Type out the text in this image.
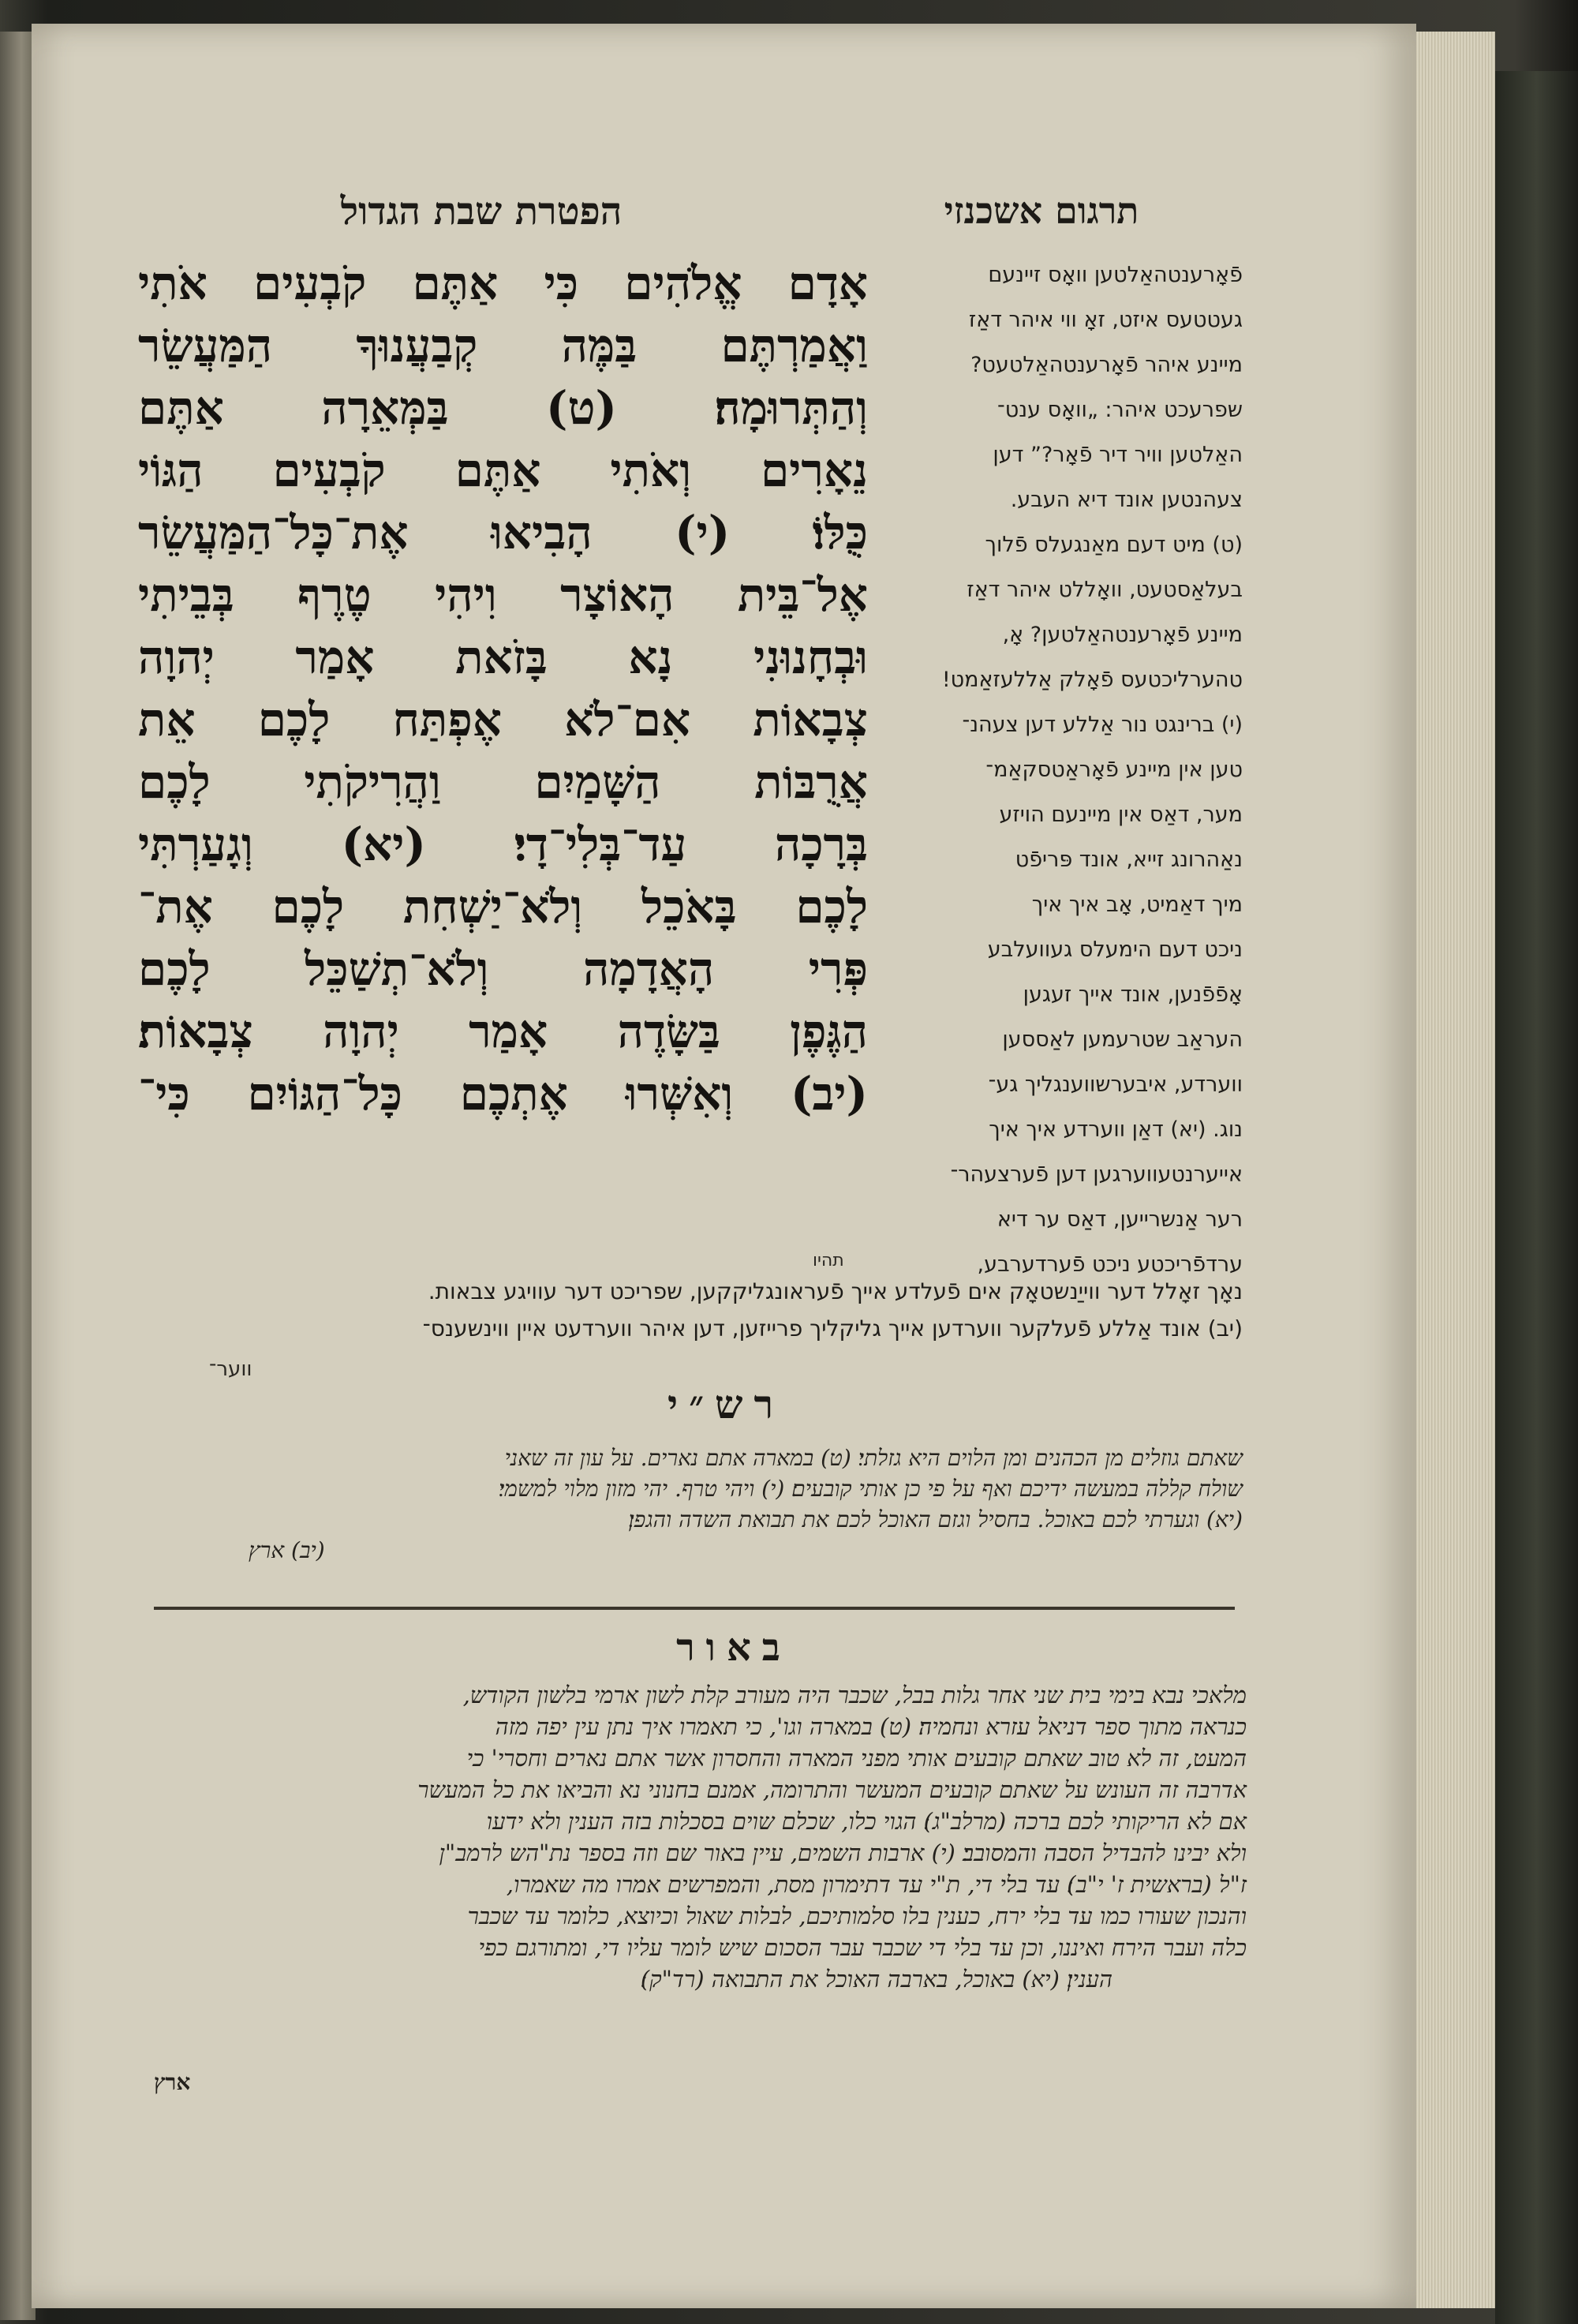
הפטרת שבת הגדול	תרגום אשכנזי
אָדָם אֱלֹהִים כִּי אַתֶּם קֹבְעִים אֹתִי
וַאֲמַרְתֶּם בַּמֶּה קְבַעֲנוּךָ הַמַּעֲשֵׂר
וְהַתְּרוּמָה׃ (ט) בַּמְּאֵרָה אַתֶּם
נֵאָרִים וְאֹתִי אַתֶּם קֹבְעִים הַגּוֹי
כֻּלּוֹ׃ (י) הָבִיאוּ אֶת־כָּל־הַמַּעֲשֵׂר
אֶל־בֵּית הָאוֹצָר וִיהִי טֶרֶף בְּבֵיתִי
וּבְחָנוּנִי נָא בָּזֹאת אָמַר יְהוָה
צְבָאוֹת אִם־לֹא אֶפְתַּח לָכֶם אֵת
אֲרֻבּוֹת הַשָּׁמַיִם וַהֲרִיקֹתִי לָכֶם
בְּרָכָה עַד־בְּלִי־דָי׃ (יא) וְגָעַרְתִּי
לָכֶם בָּאֹכֵל וְלֹא־יַשְׁחִת לָכֶם אֶת־
פְּרִי הָאֲדָמָה וְלֹא־תְשַׁכֵּל לָכֶם
הַגֶּפֶן בַּשָּׂדֶה אָמַר יְהוָה צְבָאוֹת׃
(יב) וְאִשְּׁרוּ אֶתְכֶם כָּל־הַגּוֹיִם כִּי־
פֿאָרענטהאַלטען וואָס זיינעם
געטטעס איזט, זאָ ווי איהר דאַז
מיינע איהר פֿאָרענטהאַלטעט?
שפרעכט איהר: „וואָס ענט־
האַלטען וויר דיר פֿאָר?” דען
צעהנטען אונד דיא העבע.
(ט) מיט דעם מאַנגעלס פֿלוך
בעלאַסטעט, וואָללט איהר דאַז
מיינע פֿאָרענטהאַלטען? אָ,
טהערליכטעס פֿאָלק אַללעזאַמט!
(י) ברינגט נור אַללע דען צעהנ־
טען אין מיינע פֿאָראַטסקאַמ־
מער, דאַס אין מיינעם הויזע
נאַהרונג זייא, אונד פּריפֿט
מיך דאַמיט, אָב איך איך
ניכט דעם הימעלס געוועלבע
אָפֿפֿנען, אונד אייך זעגען
העראַב שטרעמען לאַססען
ווערדע, איבערשווענגליך גע־
נוג. (יא) דאַן ווערדע איך איך
אייערנטעווערגען דען פֿערצעהר־
רער אַנשרייען, דאַס ער דיא
ערדפֿריכטע ניכט פֿערדערבע,
תהיו
נאָך זאָלל דער ווייַנשטאָק אים פֿעלדע אייך פֿעראונגליקקען, שפריכט דער עוויגע צבאות.
(יב) אונד אַללע פֿעלקער ווערדען אייך גליקליך פרייזען, דען איהר ווערדעט איין ווינשענס־
ווער־
רש״י
שאתם גוזלים מן הכהנים ומן הלוים היא גזלתי׃ (ט) במארה אתם נארים. על עון זה שאני
שולח קללה במעשה ידיכם ואף על פי כן אותי קובעים׃ (י) ויהי טרף. יהי מזון מלוי למשמי׃
(יא) וגערתי לכם באוכל. בחסיל וגזם האוכל לכם את תבואת השדה והגפן׃
(יב) ארץ
באור
מלאכי נבא בימי בית שני אחר גלות בבל, שכבר היה מעורב קלת לשון ארמי בלשון הקודש,
כנראה מתוך ספר דניאל עזרא ונחמיה׃ (ט) במארה וגו', כי תאמרו איך נתן עין יפה מזה
המעט, זה לא טוב שאתם קובעים אותי מפני המארה והחסרון אשר אתם נארים וחסרי' כי
אדרבה זה העונש על שאתם קובעים המעשר והתרומה, אמנם בחנוני נא והביאו את כל המעשר
אם לא הריקותי לכם ברכה (מרלב"ג)׃ הגוי כלו, שכלם שוים בסכלות בזה הענין ולא ידעו
ולא יבינו להבדיל הסבה והמסובב׃ (י) ארבות השמים, עיין באור שם וזה בספר נת"הש לרמב"ן
ז"ל (בראשית ז' י"ב)׃ עד בלי די, ת"י עד דתימרון מסת, והמפרשים אמרו מה שאמרו,
והנכון שעורו כמו עד בלי ירח, כענין בלו סלמותיכם, לבלות שאול וכיוצא, כלומר עד שכבר
כלה ועבר הירח ואיננו, וכן עד בלי די שכבר עבר הסכום שיש לומר עליו די, ומתורגם כפי
הענין׃ (יא) באוכל, בארבה האוכל את התבואה (רד"ק)׃
ארץ
